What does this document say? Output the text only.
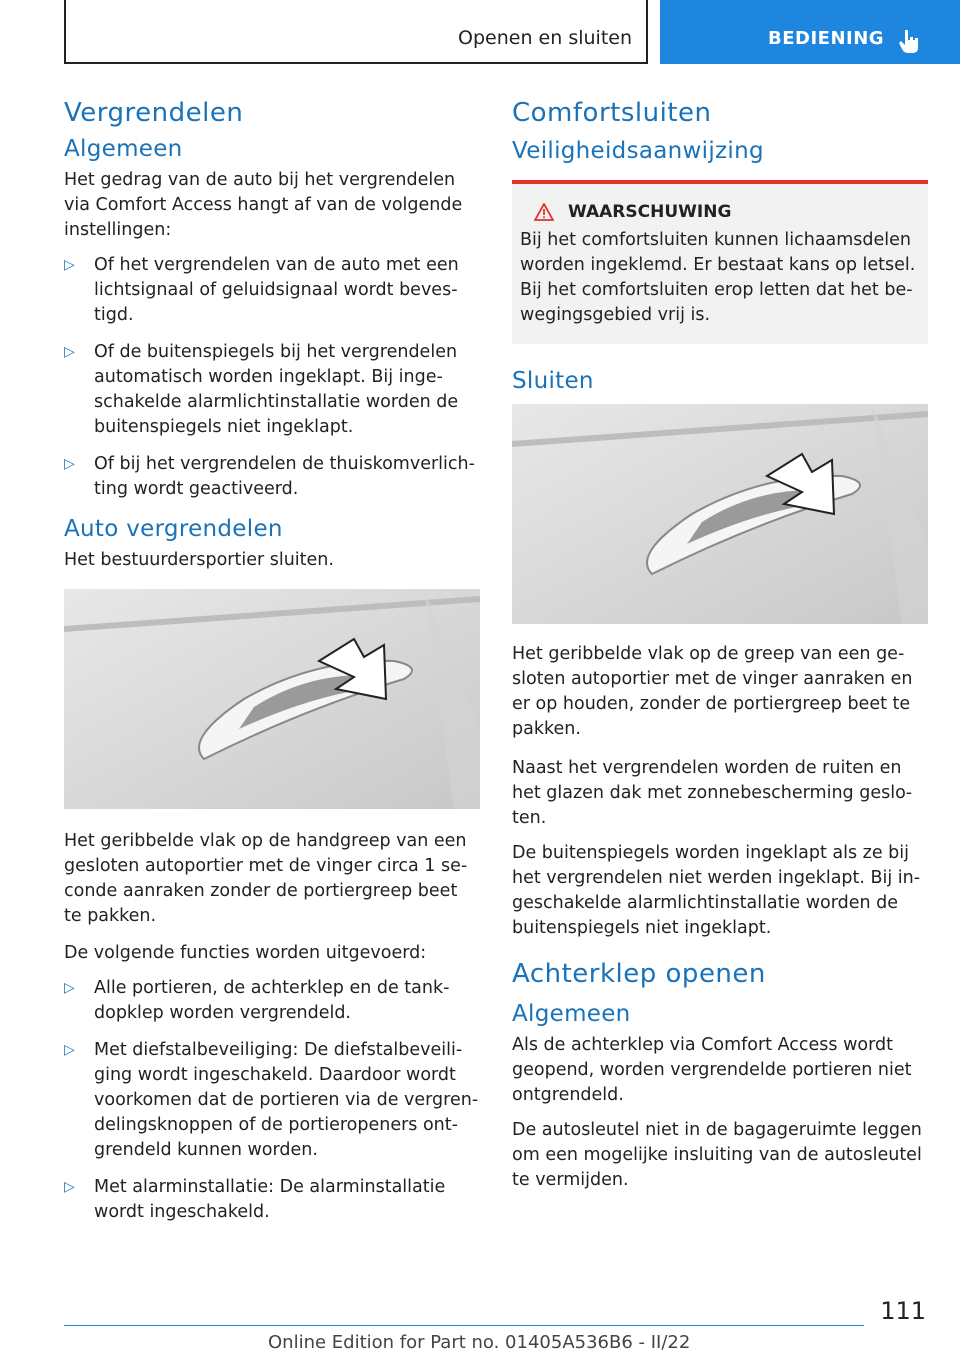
Openen en sluiten	BEDIENING
Vergrendelen
Algemeen

Het gedrag van de auto bij het vergrendelen via Comfort Access hangt af van de volgende instellingen:

▷ Of het vergrendelen van de auto met een lichtsignaal of geluidsignaal wordt bevestigd.
▷ Of de buitenspiegels bij het vergrendelen automatisch worden ingeklapt. Bij ingeschakelde alarmlichtinstallatie worden de buitenspiegels niet ingeklapt.
▷ Of bij het vergrendelen de thuiskomverlichting wordt geactiveerd.
Auto vergrendelen

Het bestuurdersportier sluiten.

Het geribbelde vlak op de handgreep van een gesloten autoportier met de vinger circa 1 seconde aanraken zonder de portiergreep beet te pakken.

De volgende functies worden uitgevoerd:

▷ Alle portieren, de achterklep en de tankdopklep worden vergrendeld.
▷ Met diefstalbeveiliging: De diefstalbeveiliging wordt ingeschakeld. Daardoor wordt voorkomen dat de portieren via de vergrendelingsknoppen of de portieropeners ontgrendeld kunnen worden.
▷ Met alarminstallatie: De alarminstallatie wordt ingeschakeld.
Comfortsluiten
Veiligheidsaanwijzing
WAARSCHUWING

Bij het comfortsluiten kunnen lichaamsdelen worden ingeklemd. Er bestaat kans op letsel. Bij het comfortsluiten erop letten dat het bewegingsgebied vrij is.

Sluiten

Het geribbelde vlak op de greep van een gesloten autoportier met de vinger aanraken en er op houden, zonder de portiergreep beet te pakken.

Naast het vergrendelen worden de ruiten en het glazen dak met zonnebescherming gesloten.

De buitenspiegels worden ingeklapt als ze bij het vergrendelen niet werden ingeklapt. Bij ingeschakelde alarmlichtinstallatie worden de buitenspiegels niet ingeklapt.

Achterklep openen
Algemeen

Als de achterklep via Comfort Access wordt geopend, worden vergrendelde portieren niet ontgrendeld.

De autosleutel niet in de bagageruimte leggen om een mogelijke insluiting van de autosleutel te vermijden.

111
Online Edition for Part no. 01405A536B6 - II/22
